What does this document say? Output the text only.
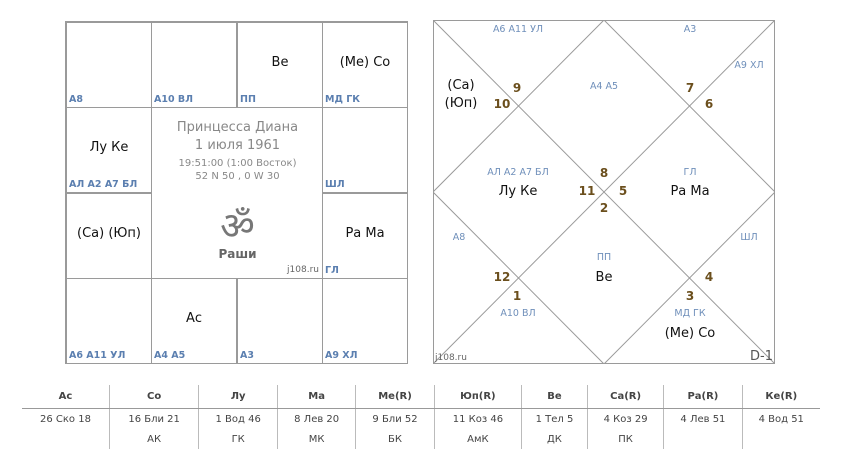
A8	A10 ВЛ
Ве
ПП
(Ме) Со
МД ГК
Лу Ке
АЛ А2 А7 БЛ	ШЛ
(Са) (Юп)	Ра Ма
ГЛ
А6 А11 УЛ
Ас
А4 А5	А3	А9 ХЛ
Принцесса Диана
1 июля 1961
19:51:00 (1:00 Восток)
52 N 50 , 0 W 30
ॐ
Раши
j108.ru
9
10
7
6
8
11 5
2
12
1
4
3
А6 А11 УЛ	А3
А9 ХЛ
А4 А5
АЛ А2 А7 БЛ	ГЛ
А8	ШЛ
ПП
А10 ВЛ	МД ГК
(Са)
(Юп)
Лу Ке	Ра Ма
Ве
(Ме) Со
j108.ru	D-1
Ас	Со	Лу	Ма	Ме(R)	Юп(R)	Ве	Са(R)	Ра(R)	Ке(R)
26 Ско 18	16 Бли 21	1 Вод 46	8 Лев 20	9 Бли 52	11 Коз 46	1 Тел 5	4 Коз 29	4 Лев 51	4 Вод 51
	АК	ГК	МК	БК	АмК	ДК	ПК		
